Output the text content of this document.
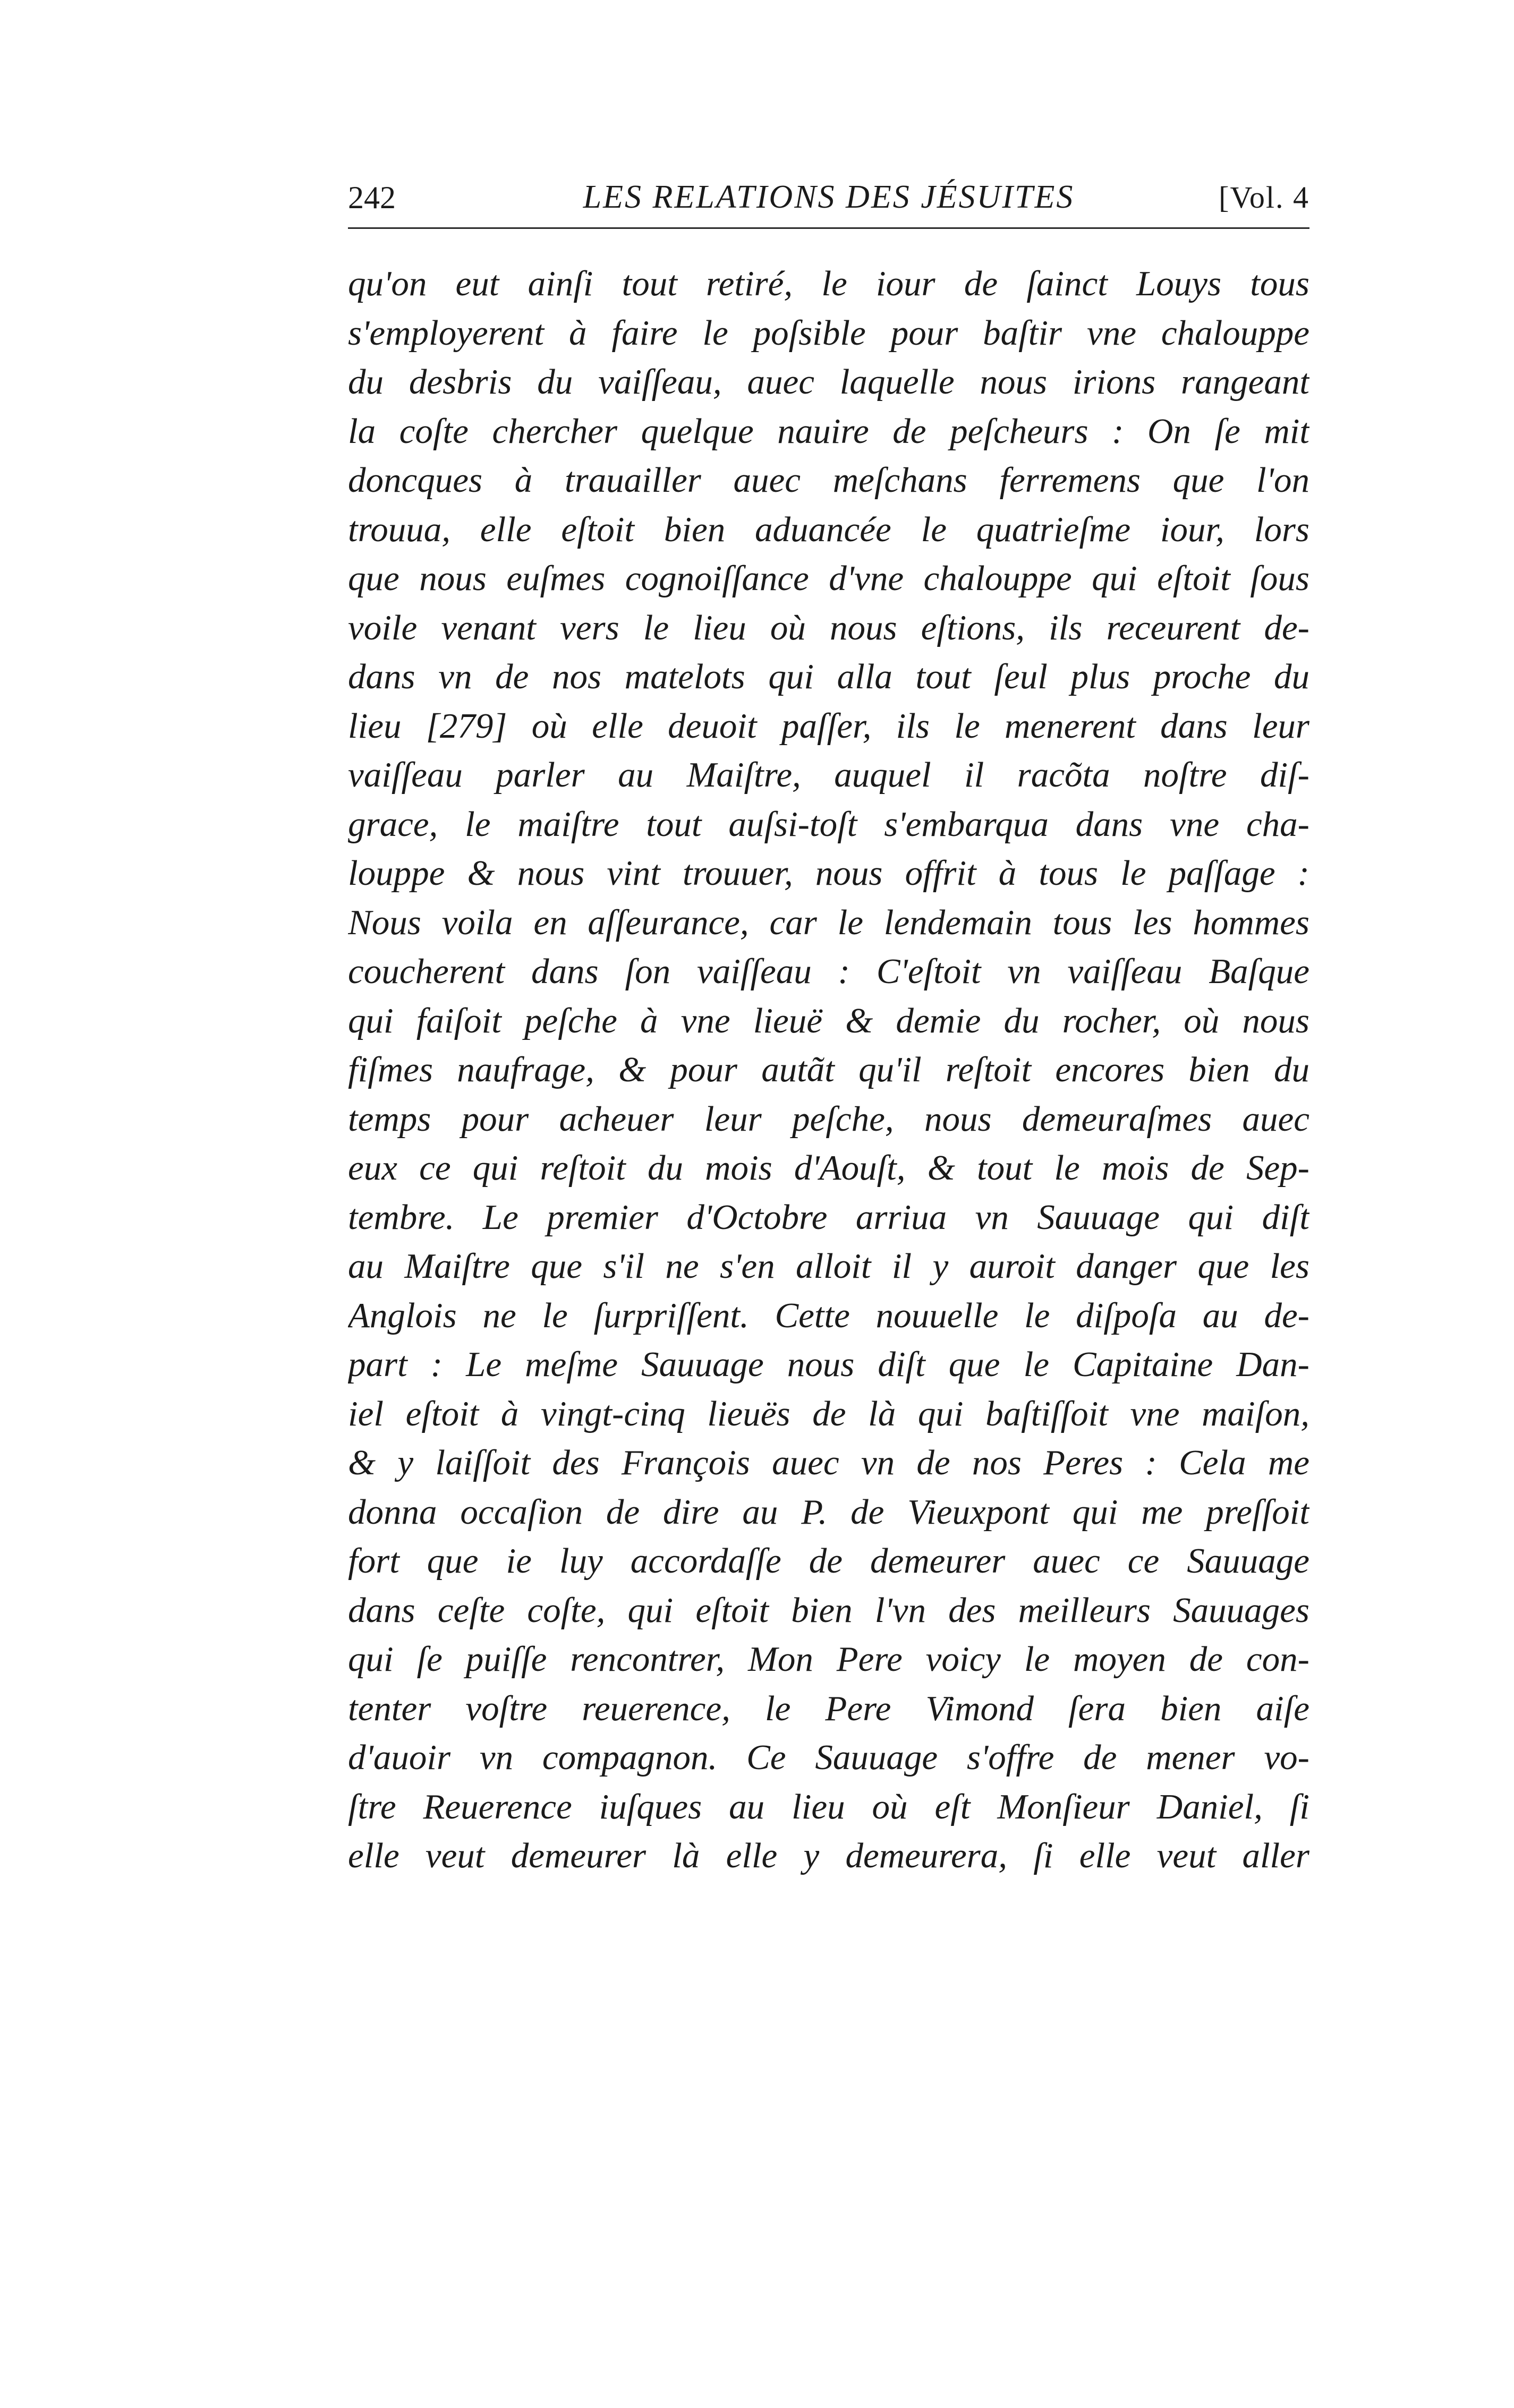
242	LES RELATIONS DES JÉSUITES	[Vol. 4
qu'on eut ainſi tout retiré, le iour de ſainct Louys tous
s'employerent à faire le poſsible pour baſtir vne chalouppe
du desbris du vaiſſeau, auec laquelle nous irions rangeant
la coſte chercher quelque nauire de peſcheurs : On ſe mit
doncques à trauailler auec meſchans ferremens que l'on
trouua, elle eſtoit bien aduancée le quatrieſme iour, lors
que nous euſmes cognoiſſance d'vne chalouppe qui eſtoit ſous
voile venant vers le lieu où nous eſtions, ils receurent de-
dans vn de nos matelots qui alla tout ſeul plus proche du
lieu [279] où elle deuoit paſſer, ils le menerent dans leur
vaiſſeau parler au Maiſtre, auquel il racõta noſtre diſ-
grace, le maiſtre tout auſsi-toſt s'embarqua dans vne cha-
louppe & nous vint trouuer, nous offrit à tous le paſſage :
Nous voila en aſſeurance, car le lendemain tous les hommes
coucherent dans ſon vaiſſeau : C'eſtoit vn vaiſſeau Baſque
qui faiſoit peſche à vne lieuë & demie du rocher, où nous
fiſmes naufrage, & pour autãt qu'il reſtoit encores bien du
temps pour acheuer leur peſche, nous demeuraſmes auec
eux ce qui reſtoit du mois d'Aouſt, & tout le mois de Sep-
tembre. Le premier d'Octobre arriua vn Sauuage qui diſt
au Maiſtre que s'il ne s'en alloit il y auroit danger que les
Anglois ne le ſurpriſſent. Cette nouuelle le diſpoſa au de-
part : Le meſme Sauuage nous diſt que le Capitaine Dan-
iel eſtoit à vingt-cinq lieuës de là qui baſtiſſoit vne maiſon,
& y laiſſoit des François auec vn de nos Peres : Cela me
donna occaſion de dire au P. de Vieuxpont qui me preſſoit
fort que ie luy accordaſſe de demeurer auec ce Sauuage
dans ceſte coſte, qui eſtoit bien l'vn des meilleurs Sauuages
qui ſe puiſſe rencontrer, Mon Pere voicy le moyen de con-
tenter voſtre reuerence, le Pere Vimond ſera bien aiſe
d'auoir vn compagnon. Ce Sauuage s'offre de mener vo-
ſtre Reuerence iuſques au lieu où eſt Monſieur Daniel, ſi
elle veut demeurer là elle y demeurera, ſi elle veut aller
